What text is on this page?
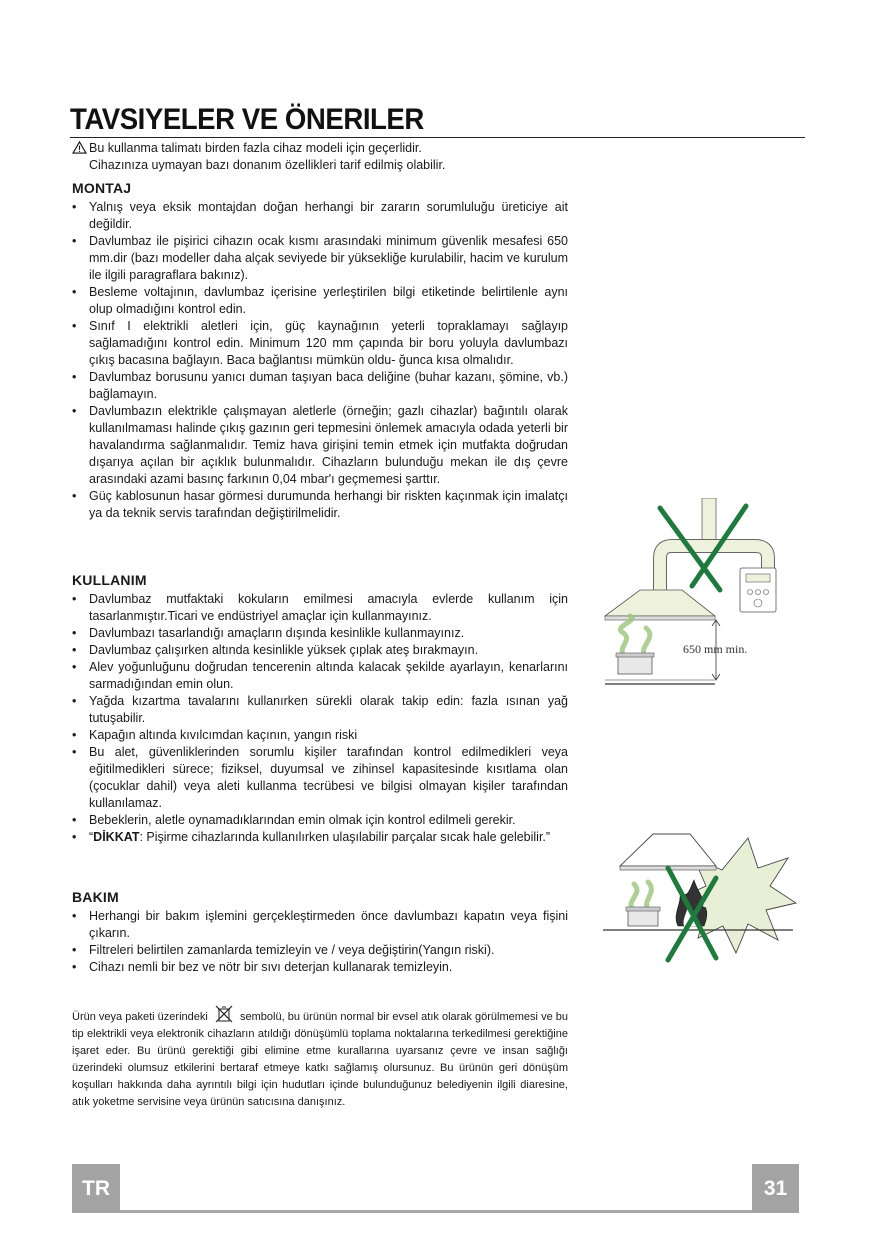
TAVSIYELER VE ÖNERILER
Bu kullanma talimatı birden fazla cihaz modeli için geçerlidir.
Cihazınıza uymayan bazı donanım özellikleri tarif edilmiş olabilir.
MONTAJ
• Yalnış veya eksik montajdan doğan herhangi bir zararın sorumluluğu üreticiye ait değildir.
• Davlumbaz ile pişirici cihazın ocak kısmı arasındaki minimum güvenlik mesafesi 650 mm.dir (bazı modeller daha alçak seviyede bir yüksekliğe kurulabilir, hacim ve kurulum ile ilgili paragraflara bakınız).
• Besleme voltajının, davlumbaz içerisine yerleştirilen bilgi etiketinde belirtilenle aynı olup olmadığını kontrol edin.
• Sınıf I elektrikli aletleri için, güç kaynağının yeterli topraklamayı sağlayıp sağlamadığını kontrol edin. Minimum 120 mm çapında bir boru yoluyla davlumbazı çıkış bacasına bağlayın. Baca bağlantısı mümkün oldu- ğunca kısa olmalıdır.
• Davlumbaz borusunu yanıcı duman taşıyan baca deliğine (buhar kazanı, şömine, vb.) bağlamayın.
• Davlumbazın elektrikle çalışmayan aletlerle (örneğin; gazlı cihazlar) bağıntılı olarak kullanılmaması halinde çıkış gazının geri tepmesini önlemek amacıyla odada yeterli bir havalandırma sağlanmalıdır. Temiz hava girişini temin etmek için mutfakta doğrudan dışarıya açılan bir açıklık bulunmalıdır. Cihazların bulunduğu mekan ile dış çevre arasındaki azami basınç farkının 0,04 mbar'ı geçmemesi şarttır.
• Güç kablosunun hasar görmesi durumunda herhangi bir riskten kaçınmak için imalatçı ya da teknik servis tarafından değiştirilmelidir.
KULLANIM
• Davlumbaz mutfaktaki kokuların emilmesi amacıyla evlerde kullanım için tasarlanmıştır.Ticari ve endüstriyel amaçlar için kullanmayınız.
• Davlumbazı tasarlandığı amaçların dışında kesinlikle kullanmayınız.
• Davlumbaz çalışırken altında kesinlikle yüksek çıplak ateş bırakmayın.
• Alev yoğunluğunu doğrudan tencerenin altında kalacak şekilde ayarlayın, kenarlarını sarmadığından emin olun.
• Yağda kızartma tavalarını kullanırken sürekli olarak takip edin: fazla ısınan yağ tutuşabilir.
• Kapağın altında kıvılcımdan kaçının, yangın riski
• Bu alet, güvenliklerinden sorumlu kişiler tarafından kontrol edilmedikleri veya eğitilmedikleri sürece; fiziksel, duyumsal ve zihinsel kapasitesinde kısıtlama olan (çocuklar dahil) veya aleti kullanma tecrübesi ve bilgisi olmayan kişiler tarafından kullanılamaz.
• Bebeklerin, aletle oynamadıklarından emin olmak için kontrol edilmeli gerekir.
• “DİKKAT: Pişirme cihazlarında kullanılırken ulaşılabilir parçalar sıcak hale gelebilir.”
BAKIM
• Herhangi bir bakım işlemini gerçekleştirmeden önce davlumbazı kapatın veya fişini çıkarın.
• Filtreleri belirtilen zamanlarda temizleyin ve / veya değiştirin(Yangın riski).
• Cihazı nemli bir bez ve nötr bir sıvı deterjan kullanarak temizleyin.
Ürün veya paketi üzerindeki	sembolü, bu ürünün normal bir evsel atık olarak görülmemesi ve bu tip elektrikli veya elektronik cihazların atıldığı dönüşümlü toplama noktalarına terkedilmesi gerektiğine işaret eder. Bu ürünü gerektiği gibi elimine etme kurallarına uyarsanız çevre ve insan sağlığı üzerindeki olumsuz etkilerini bertaraf etmeye katkı sağlamış olursunuz. Bu ürünün geri dönüşüm koşulları hakkında daha ayrıntılı bilgi için hudutları içinde bulunduğunuz belediyenin ilgili diaresine, atık yoketme servisine veya ürünün satıcısına danışınız.
650 mm min.
TR	31
